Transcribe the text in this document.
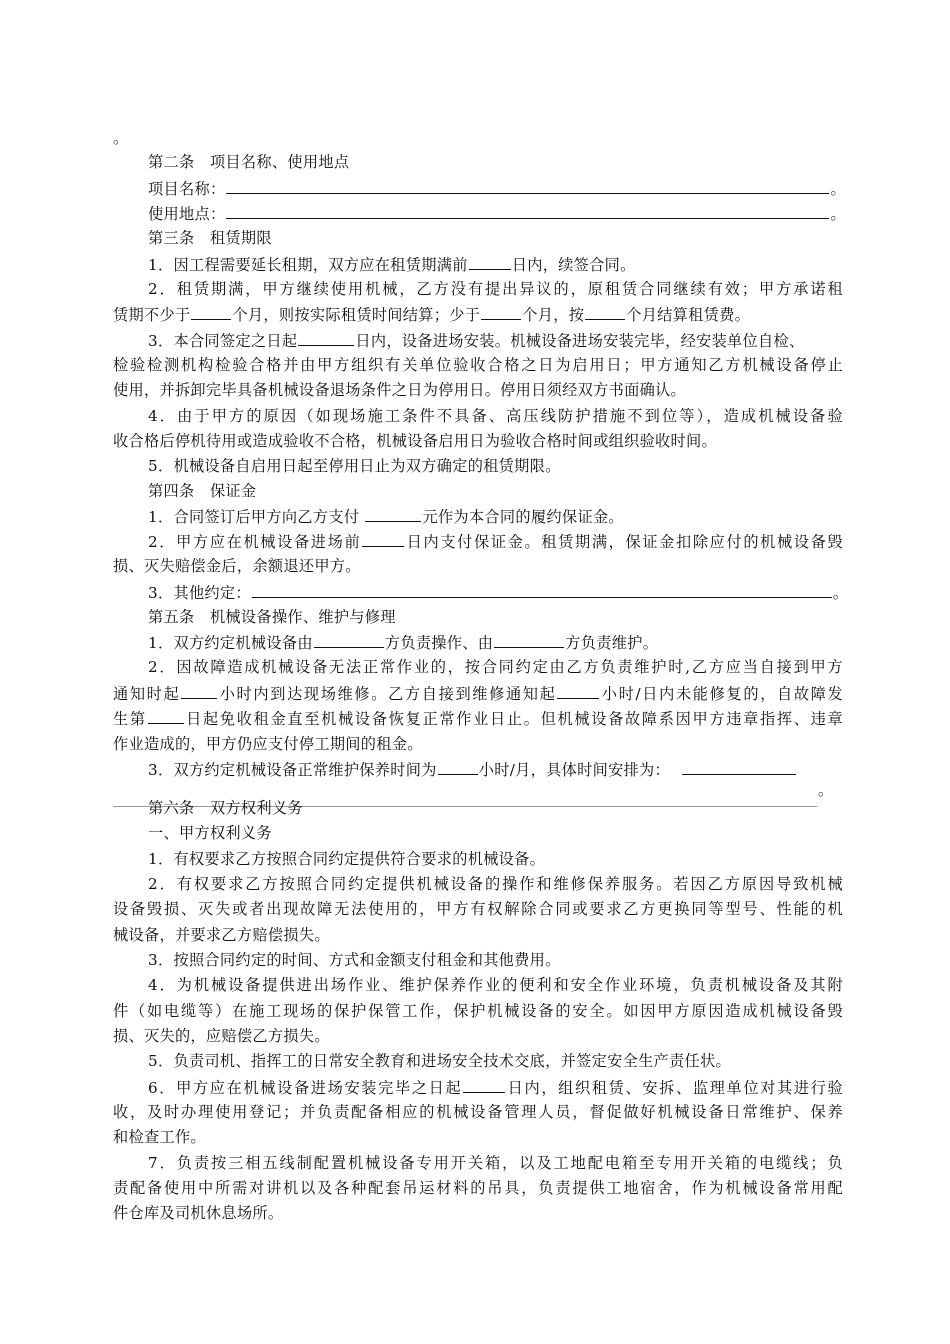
。
第二条　项目名称、使用地点
项目名称：	。
使用地点：	。
第三条　租赁期限
1．因工程需要延长租期，双方应在租赁期满前	日内，续签合同。
2．租赁期满，甲方继续使用机械，乙方没有提出异议的，原租赁合同继续有效；甲方承诺租
赁期不少于	个月，则按实际租赁时间结算；少于	个月，按	个月结算租赁费。
3．本合同签定之日起	日内，设备进场安装。机械设备进场安装完毕，经安装单位自检、
检验检测机构检验合格并由甲方组织有关单位验收合格之日为启用日；甲方通知乙方机械设备停止
使用，并拆卸完毕具备机械设备退场条件之日为停用日。停用日须经双方书面确认。
4．由于甲方的原因（如现场施工条件不具备、高压线防护措施不到位等），造成机械设备验
收合格后停机待用或造成验收不合格，机械设备启用日为验收合格时间或组织验收时间。
5．机械设备自启用日起至停用日止为双方确定的租赁期限。
第四条　保证金
1．合同签订后甲方向乙方支付	元作为本合同的履约保证金。
2．甲方应在机械设备进场前	日内支付保证金。租赁期满，保证金扣除应付的机械设备毁
损、灭失赔偿金后，余额退还甲方。
3．其他约定：	。
第五条　机械设备操作、维护与修理
1．双方约定机械设备由	方负责操作、由	方负责维护。
2．因故障造成机械设备无法正常作业的，按合同约定由乙方负责维护时,乙方应当自接到甲方
通知时起	小时内到达现场维修。乙方自接到维修通知起	小时/日内未能修复的，自故障发
生第	日起免收租金直至机械设备恢复正常作业日止。但机械设备故障系因甲方违章指挥、违章
作业造成的，甲方仍应支付停工期间的租金。
3．双方约定机械设备正常维护保养时间为	小时/月，具体时间安排为：
。
第六条　双方权利义务
一、甲方权利义务
1．有权要求乙方按照合同约定提供符合要求的机械设备。
2．有权要求乙方按照合同约定提供机械设备的操作和维修保养服务。若因乙方原因导致机械
设备毁损、灭失或者出现故障无法使用的，甲方有权解除合同或要求乙方更换同等型号、性能的机
械设备，并要求乙方赔偿损失。
3．按照合同约定的时间、方式和金额支付租金和其他费用。
4．为机械设备提供进出场作业、维护保养作业的便利和安全作业环境，负责机械设备及其附
件（如电缆等）在施工现场的保护保管工作，保护机械设备的安全。如因甲方原因造成机械设备毁
损、灭失的，应赔偿乙方损失。
5．负责司机、指挥工的日常安全教育和进场安全技术交底，并签定安全生产责任状。
6．甲方应在机械设备进场安装完毕之日起	日内，组织租赁、安拆、监理单位对其进行验
收，及时办理使用登记；并负责配备相应的机械设备管理人员，督促做好机械设备日常维护、保养
和检查工作。
7．负责按三相五线制配置机械设备专用开关箱，以及工地配电箱至专用开关箱的电缆线；负
责配备使用中所需对讲机以及各种配套吊运材料的吊具，负责提供工地宿舍，作为机械设备常用配
件仓库及司机休息场所。
